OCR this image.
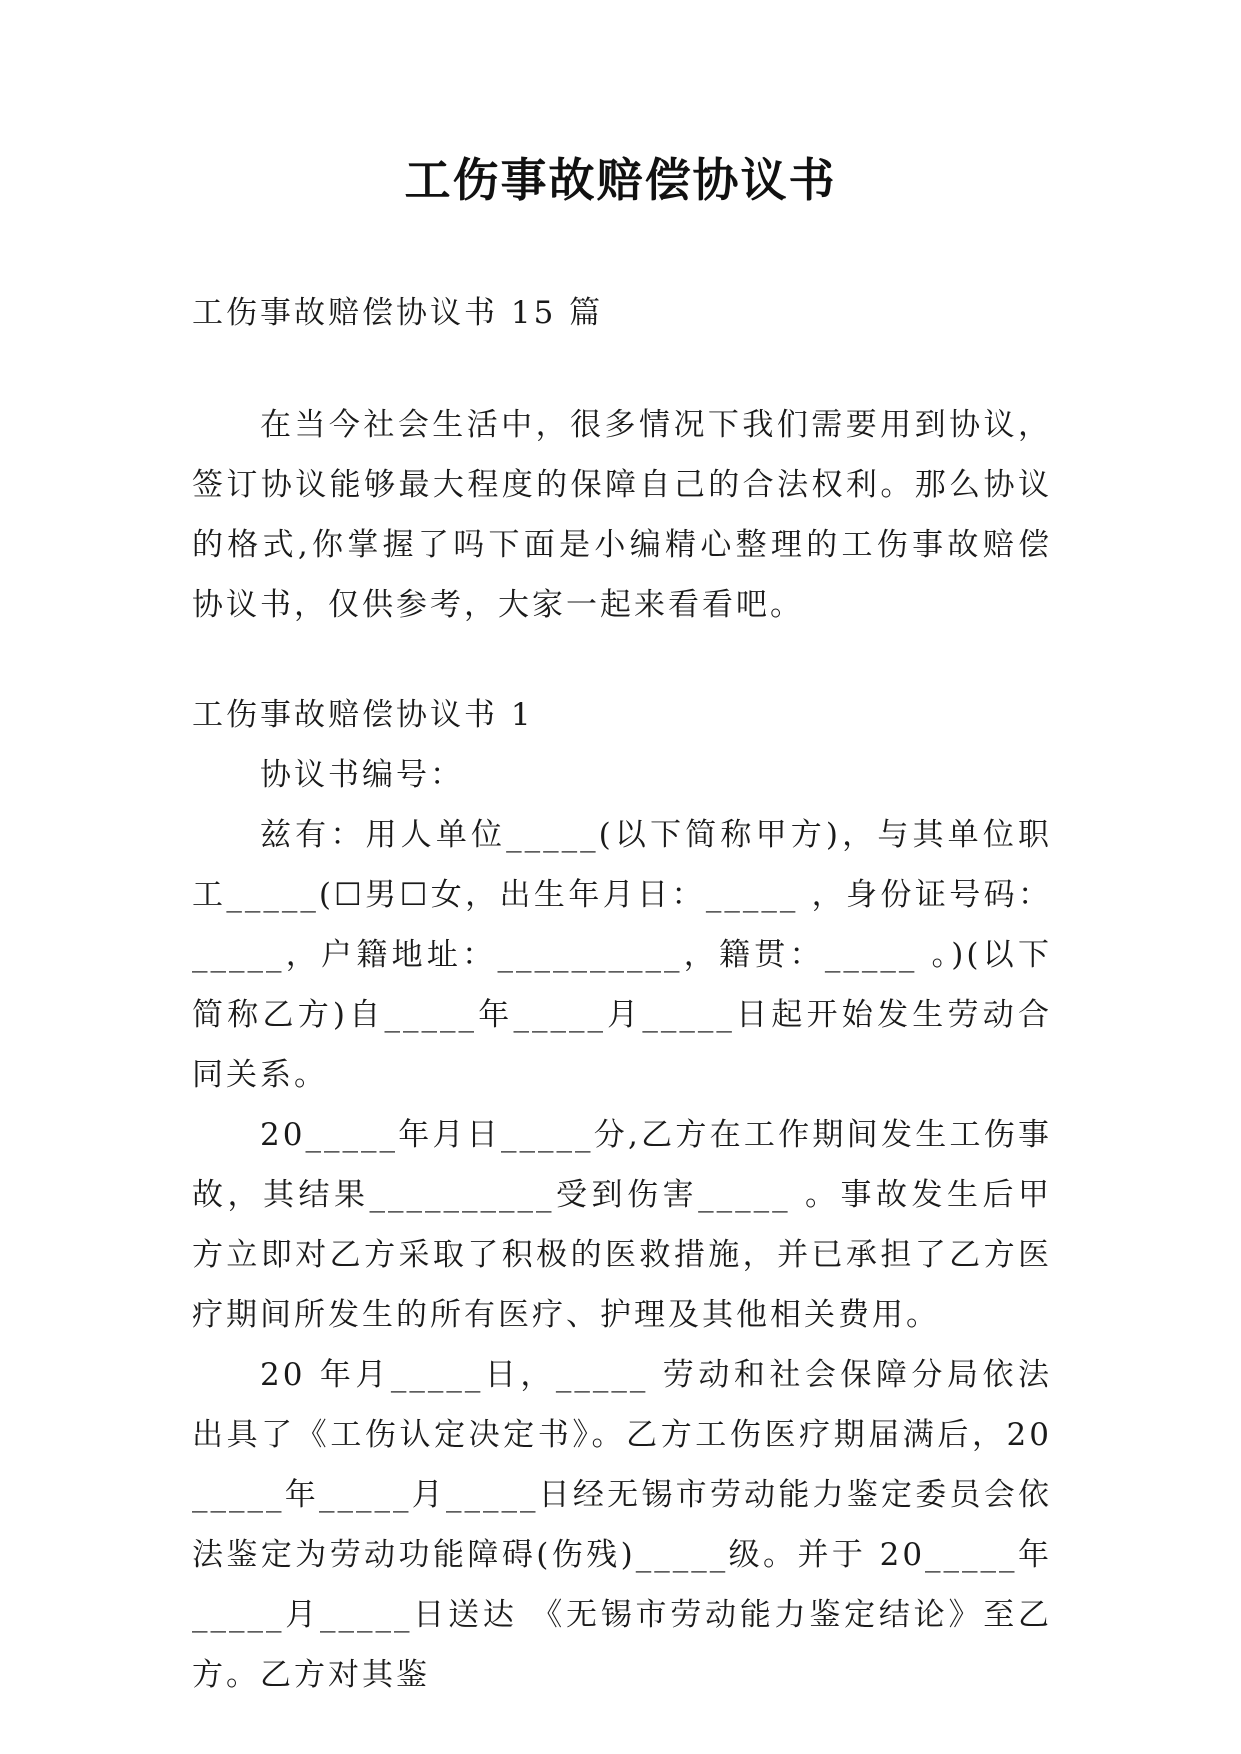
工伤事故赔偿协议书

工伤事故赔偿协议书 15 篇

在当今社会生活中，很多情况下我们需要用到协议，签订协议能够最大程度的保障自己的合法权利。那么协议的格式,你掌握了吗下面是小编精心整理的工伤事故赔偿协议书，仅供参考，大家一起来看看吧。

工伤事故赔偿协议书 1

协议书编号：

兹有：用人单位_____(以下简称甲方)，与其单位职工_____(☐男☐女，出生年月日：_____ ，身份证号码：_____，户籍地址：__________，籍贯：_____ 。)(以下简称乙方)自_____年_____月_____日起开始发生劳动合同关系。

20_____年月日_____分,乙方在工作期间发生工伤事故，其结果__________受到伤害_____ 。事故发生后甲方立即对乙方采取了积极的医救措施，并已承担了乙方医疗期间所发生的所有医疗、护理及其他相关费用。

20 年月_____日，_____ 劳动和社会保障分局依法出具了《工伤认定决定书》。乙方工伤医疗期届满后，20_____年_____月_____日经无锡市劳动能力鉴定委员会依法鉴定为劳动功能障碍(伤残)_____级。并于 20_____年_____月_____日送达 《无锡市劳动能力鉴定结论》至乙方。乙方对其鉴
